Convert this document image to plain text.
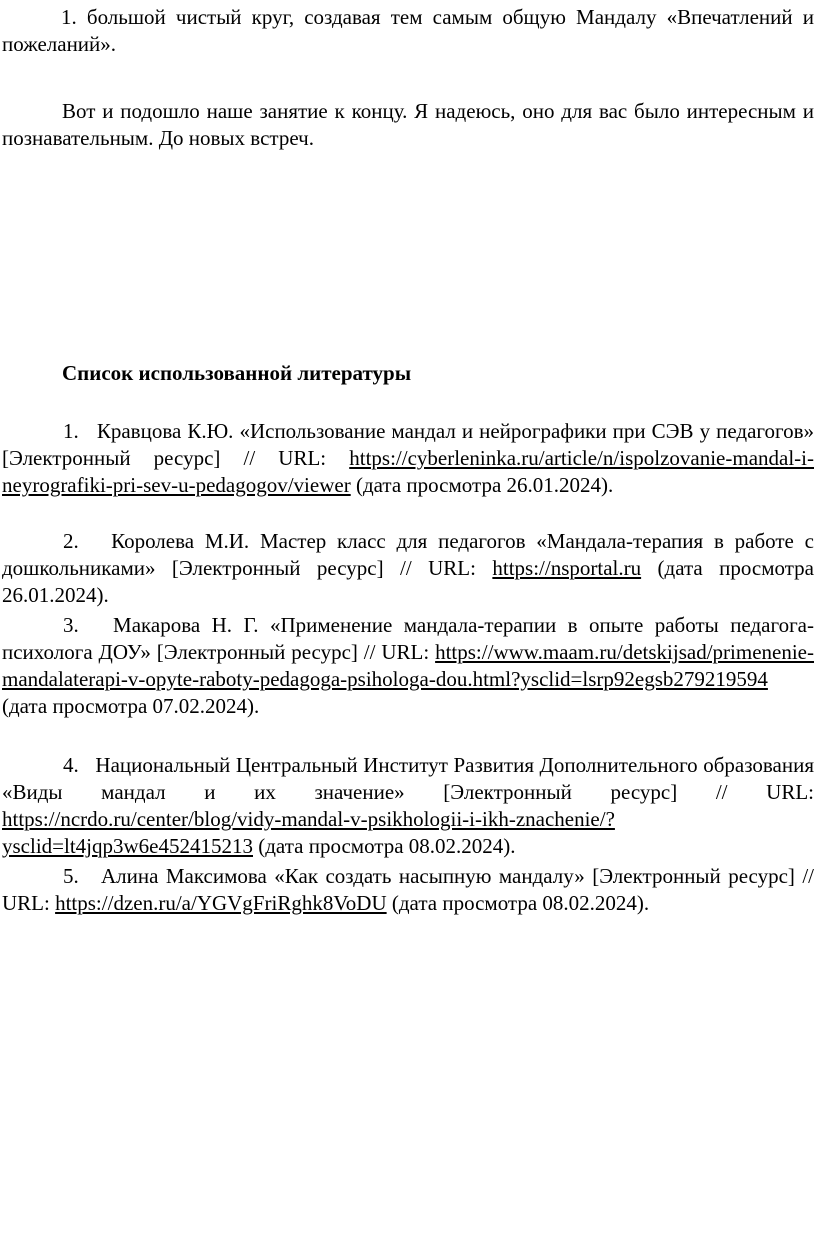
1. большой чистый круг, создавая тем самым общую Мандалу «Впечатлений и пожеланий».

Вот и подошло наше занятие к концу. Я надеюсь, оно для вас было интересным и познавательным. До новых встреч.

Список использованной литературы

1. Кравцова К.Ю. «Использование мандал и нейрографики при СЭВ у педагогов» [Электронный ресурс] // URL: https://cyberleninka.ru/article/n/ispolzovanie-mandal-i-neyrografiki-pri-sev-u-pedagogov/viewer (дата просмотра 26.01.2024).

2. Королева М.И. Мастер класс для педагогов «Мандала-терапия в работе с дошкольниками» [Электронный ресурс] // URL: https://nsportal.ru (дата просмотра 26.01.2024).

3. Макарова Н. Г. «Применение мандала-терапии в опыте работы педагога-психолога ДОУ» [Электронный ресурс] // URL: https://www.maam.ru/detskijsad/primenenie-mandalaterapi-v-opyte-raboty-pedagoga-psihologa-dou.html?ysclid=lsrp92egsb279219594 (дата просмотра 07.02.2024).

4. Национальный Центральный Институт Развития Дополнительного образования «Виды мандал и их значение» [Электронный ресурс] // URL: https://ncrdo.ru/center/blog/vidy-mandal-v-psikhologii-i-ikh-znachenie/?ysclid=lt4jqp3w6e452415213 (дата просмотра 08.02.2024).

5. Алина Максимова «Как создать насыпную мандалу» [Электронный ресурс] // URL: https://dzen.ru/a/YGVgFriRghk8VoDU (дата просмотра 08.02.2024).
